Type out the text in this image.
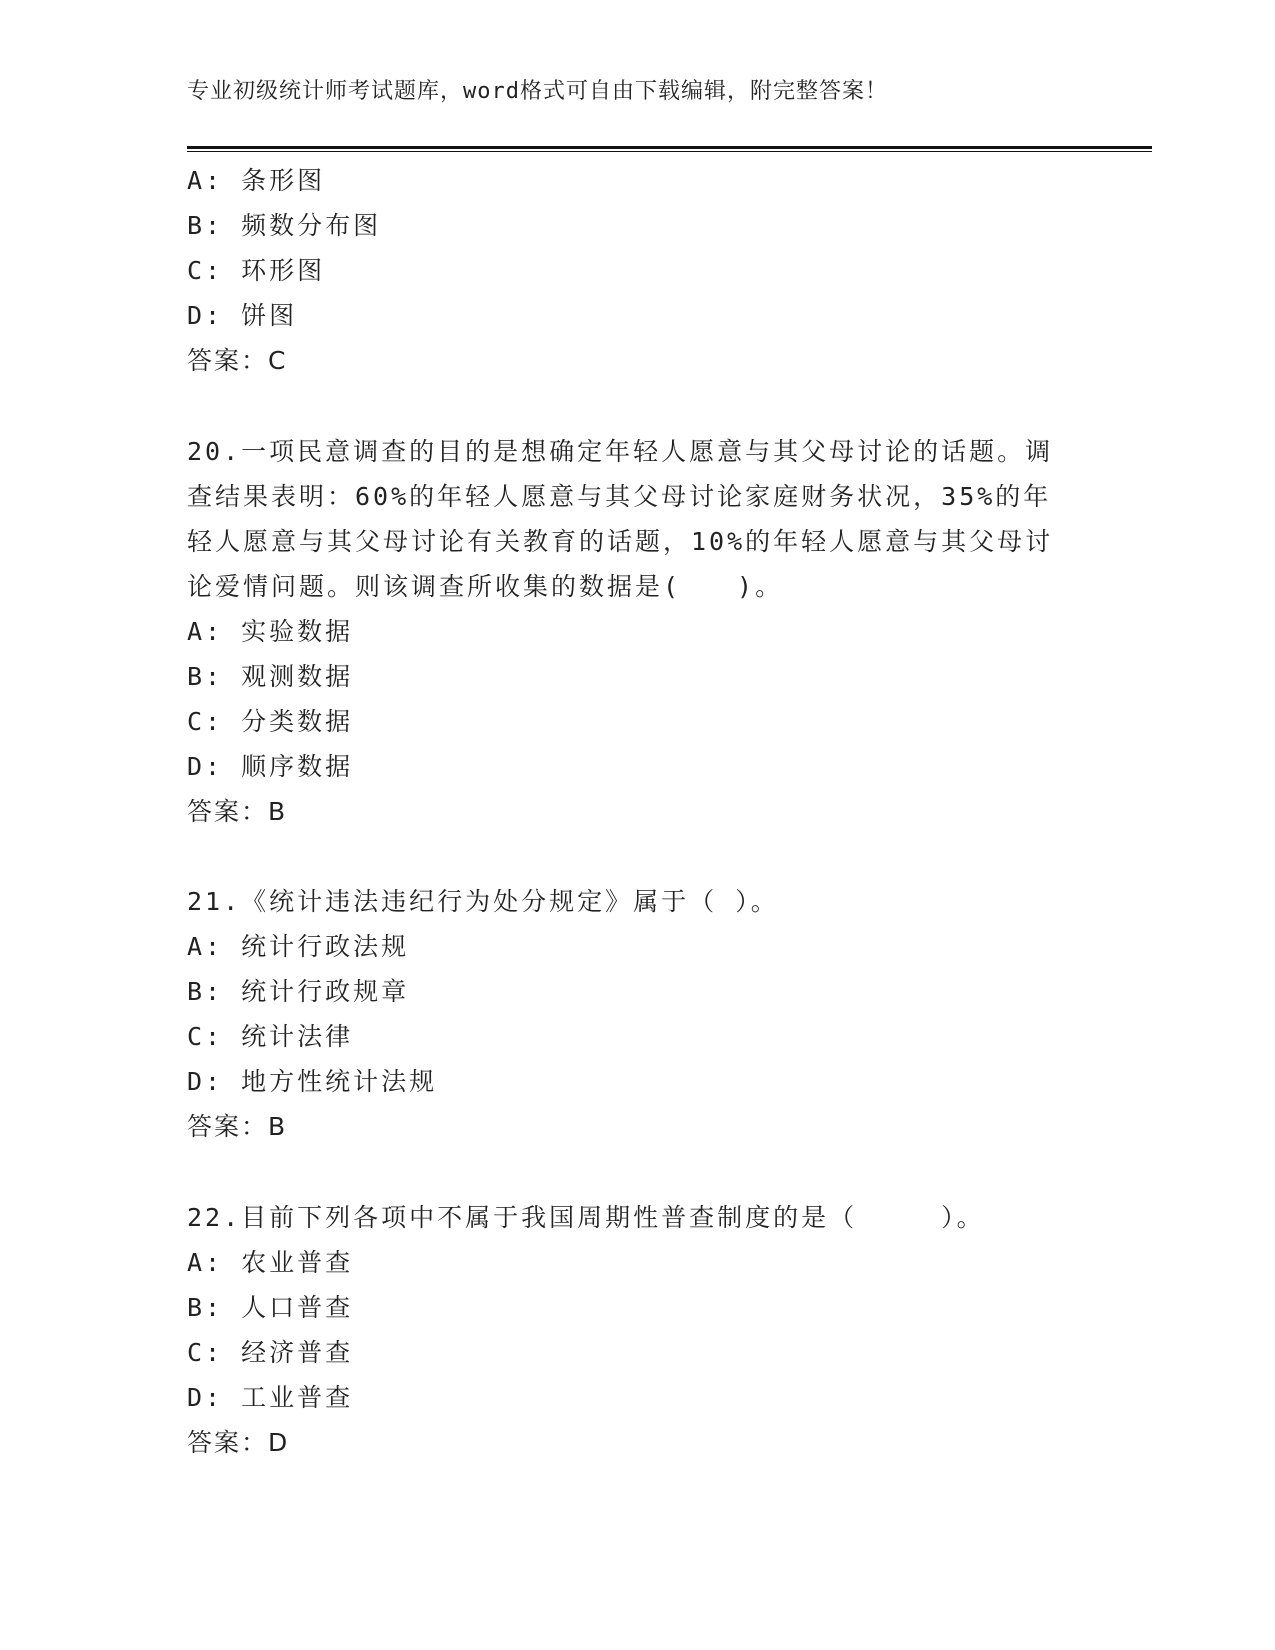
专业初级统计师考试题库，word格式可自由下载编辑，附完整答案！
A: 条形图
B: 频数分布图
C: 环形图
D: 饼图
答案：C
20.一项民意调查的目的是想确定年轻人愿意与其父母讨论的话题。调
查结果表明：60%的年轻人愿意与其父母讨论家庭财务状况，35%的年
轻人愿意与其父母讨论有关教育的话题，10%的年轻人愿意与其父母讨
论爱情问题。则该调查所收集的数据是(　　)。
A: 实验数据
B: 观测数据
C: 分类数据
D: 顺序数据
答案：B
21.《统计违法违纪行为处分规定》属于（ ）。
A: 统计行政法规
B: 统计行政规章
C: 统计法律
D: 地方性统计法规
答案：B
22.目前下列各项中不属于我国周期性普查制度的是（　　　）。
A: 农业普查
B: 人口普查
C: 经济普查
D: 工业普查
答案：D
